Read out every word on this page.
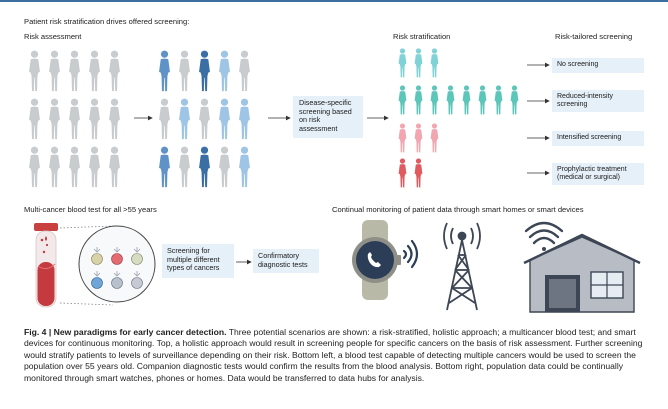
Patient risk stratification drives offered screening:
Risk assessment	Risk stratification	Risk-tailored screening
Disease-specific screening based on risk assessment
No screening
Reduced-intensity screening
Intensified screening
Prophylactic treatment (medical or surgical)
Multi-cancer blood test for all >55 years
Screening for multiple different types of cancers
Confirmatory diagnostic tests
Continual monitoring of patient data through smart homes or smart devices
Fig. 4 | New paradigms for early cancer detection. Three potential scenarios are shown: a risk-stratified, holistic approach; a multicancer blood test; and smart devices for continuous monitoring. Top, a holistic approach would result in screening people for specific cancers on the basis of risk assessment. Further screening would stratify patients to levels of surveillance depending on their risk. Bottom left, a blood test capable of detecting multiple cancers would be used to screen the population over 55 years old. Companion diagnostic tests would confirm the results from the blood analysis. Bottom right, population data could be continually monitored through smart watches, phones or homes. Data would be transferred to data hubs for analysis.
